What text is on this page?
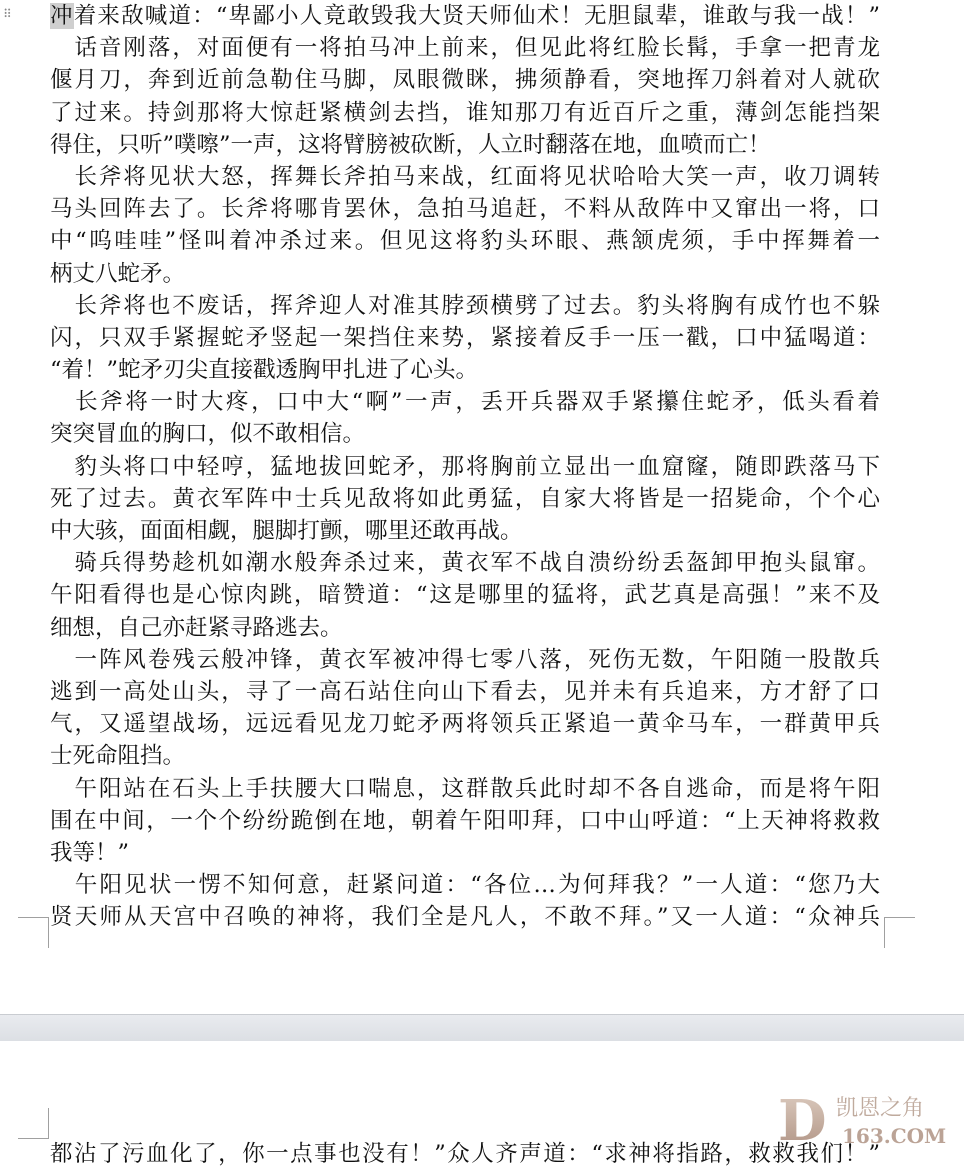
⠿ 冲着来敌喊道：“卑鄙小人竟敢毁我大贤天师仙术！无胆鼠辈，谁敢与我一战！”
　话音刚落，对面便有一将拍马冲上前来，但见此将红脸长髯，手拿一把青龙
偃月刀，奔到近前急勒住马脚，凤眼微眯，拂须静看，突地挥刀斜着对人就砍
了过来。持剑那将大惊赶紧横剑去挡，谁知那刀有近百斤之重，薄剑怎能挡架
得住，只听”噗嚓”一声，这将臂膀被砍断，人立时翻落在地，血喷而亡！
　长斧将见状大怒，挥舞长斧拍马来战，红面将见状哈哈大笑一声，收刀调转
马头回阵去了。长斧将哪肯罢休，急拍马追赶，不料从敌阵中又窜出一将，口
中“呜哇哇”怪叫着冲杀过来。但见这将豹头环眼、燕颔虎须，手中挥舞着一
柄丈八蛇矛。
　长斧将也不废话，挥斧迎人对准其脖颈横劈了过去。豹头将胸有成竹也不躲
闪，只双手紧握蛇矛竖起一架挡住来势，紧接着反手一压一戳，口中猛喝道：
“着！”蛇矛刃尖直接戳透胸甲扎进了心头。
　长斧将一时大疼，口中大“啊”一声，丢开兵器双手紧攥住蛇矛，低头看着
突突冒血的胸口，似不敢相信。
　豹头将口中轻哼，猛地拔回蛇矛，那将胸前立显出一血窟窿，随即跌落马下
死了过去。黄衣军阵中士兵见敌将如此勇猛，自家大将皆是一招毙命，个个心
中大骇，面面相觑，腿脚打颤，哪里还敢再战。
　骑兵得势趁机如潮水般奔杀过来，黄衣军不战自溃纷纷丢盔卸甲抱头鼠窜。
午阳看得也是心惊肉跳，暗赞道：“这是哪里的猛将，武艺真是高强！”来不及
细想，自己亦赶紧寻路逃去。
　一阵风卷残云般冲锋，黄衣军被冲得七零八落，死伤无数，午阳随一股散兵
逃到一高处山头，寻了一高石站住向山下看去，见并未有兵追来，方才舒了口
气，又遥望战场，远远看见龙刀蛇矛两将领兵正紧追一黄伞马车，一群黄甲兵
士死命阻挡。
　午阳站在石头上手扶腰大口喘息，这群散兵此时却不各自逃命，而是将午阳
围在中间，一个个纷纷跪倒在地，朝着午阳叩拜，口中山呼道：“上天神将救救
我等！”
　午阳见状一愣不知何意，赶紧问道：“各位…为何拜我？”一人道：“您乃大
贤天师从天宫中召唤的神将，我们全是凡人，不敢不拜。”又一人道：“众神兵
都沾了污血化了，你一点事也没有！”众人齐声道：“求神将指路，救救我们！”
D 凯恩之角
163.COM
